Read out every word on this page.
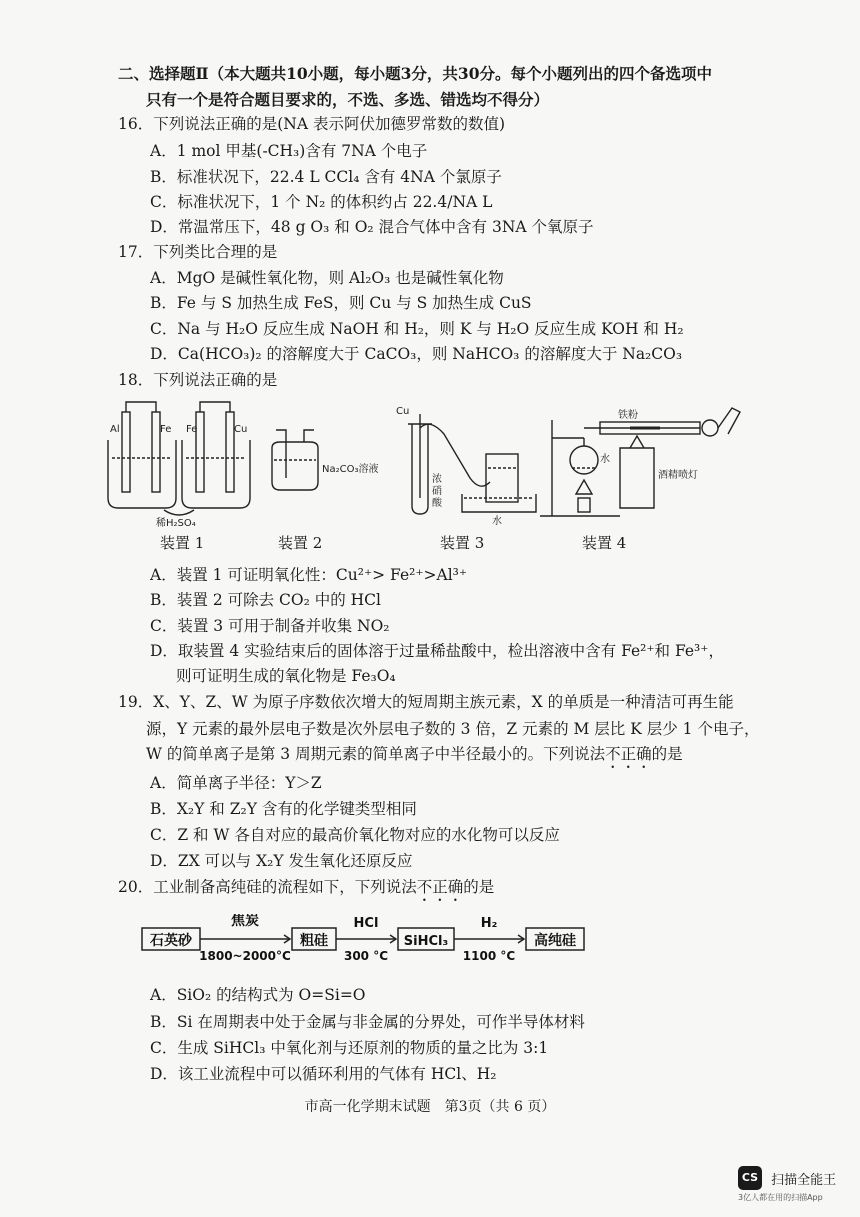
二、选择题Ⅱ（本大题共10小题，每小题3分，共30分。每个小题列出的四个备选项中
只有一个是符合题目要求的，不选、多选、错选均不得分）
16．下列说法正确的是(NA 表示阿伏加德罗常数的数值)
A．1 mol 甲基(-CH₃)含有 7NA 个电子
B．标准状况下，22.4 L CCl₄ 含有 4NA 个氯原子
C．标准状况下，1 个 N₂ 的体积约占 22.4/NA L
D．常温常压下，48 g O₃ 和 O₂ 混合气体中含有 3NA 个氧原子
17．下列类比合理的是
A．MgO 是碱性氧化物，则 Al₂O₃ 也是碱性氧化物
B．Fe 与 S 加热生成 FeS，则 Cu 与 S 加热生成 CuS
C．Na 与 H₂O 反应生成 NaOH 和 H₂，则 K 与 H₂O 反应生成 KOH 和 H₂
D．Ca(HCO₃)₂ 的溶解度大于 CaCO₃，则 NaHCO₃ 的溶解度大于 Na₂CO₃
18．下列说法正确的是
Al	Fe Fe	Cu
稀H₂SO₄
Na₂CO₃溶液
Cu
浓
硝
酸
水
铁粉
水
酒精喷灯
装置 1	装置 2	装置 3	装置 4
A．装置 1 可证明氧化性：Cu²⁺> Fe²⁺>Al³⁺
B．装置 2 可除去 CO₂ 中的 HCl
C．装置 3 可用于制备并收集 NO₂
D．取装置 4 实验结束后的固体溶于过量稀盐酸中，检出溶液中含有 Fe²⁺和 Fe³⁺，
则可证明生成的氧化物是 Fe₃O₄
19．X、Y、Z、W 为原子序数依次增大的短周期主族元素，X 的单质是一种清洁可再生能
源，Y 元素的最外层电子数是次外层电子数的 3 倍，Z 元素的 M 层比 K 层少 1 个电子，
W 的简单离子是第 3 周期元素的简单离子中半径最小的。下列说法不正确的是
A．简单离子半径：Y＞Z
B．X₂Y 和 Z₂Y 含有的化学键类型相同
C．Z 和 W 各自对应的最高价氧化物对应的水化物可以反应
D．ZX 可以与 X₂Y 发生氧化还原反应
20．工业制备高纯硅的流程如下，下列说法不正确的是
石英砂
焦炭
1800~2000°C
粗硅
HCl
300 °C
SiHCl₃
H₂
1100 °C
高纯硅
A．SiO₂ 的结构式为 O=Si=O
B．Si 在周期表中处于金属与非金属的分界处，可作半导体材料
C．生成 SiHCl₃ 中氧化剂与还原剂的物质的量之比为 3:1
D．该工业流程中可以循环利用的气体有 HCl、H₂
市高一化学期末试题　第3页（共 6 页）
CS 扫描全能王
3亿人都在用的扫描App
